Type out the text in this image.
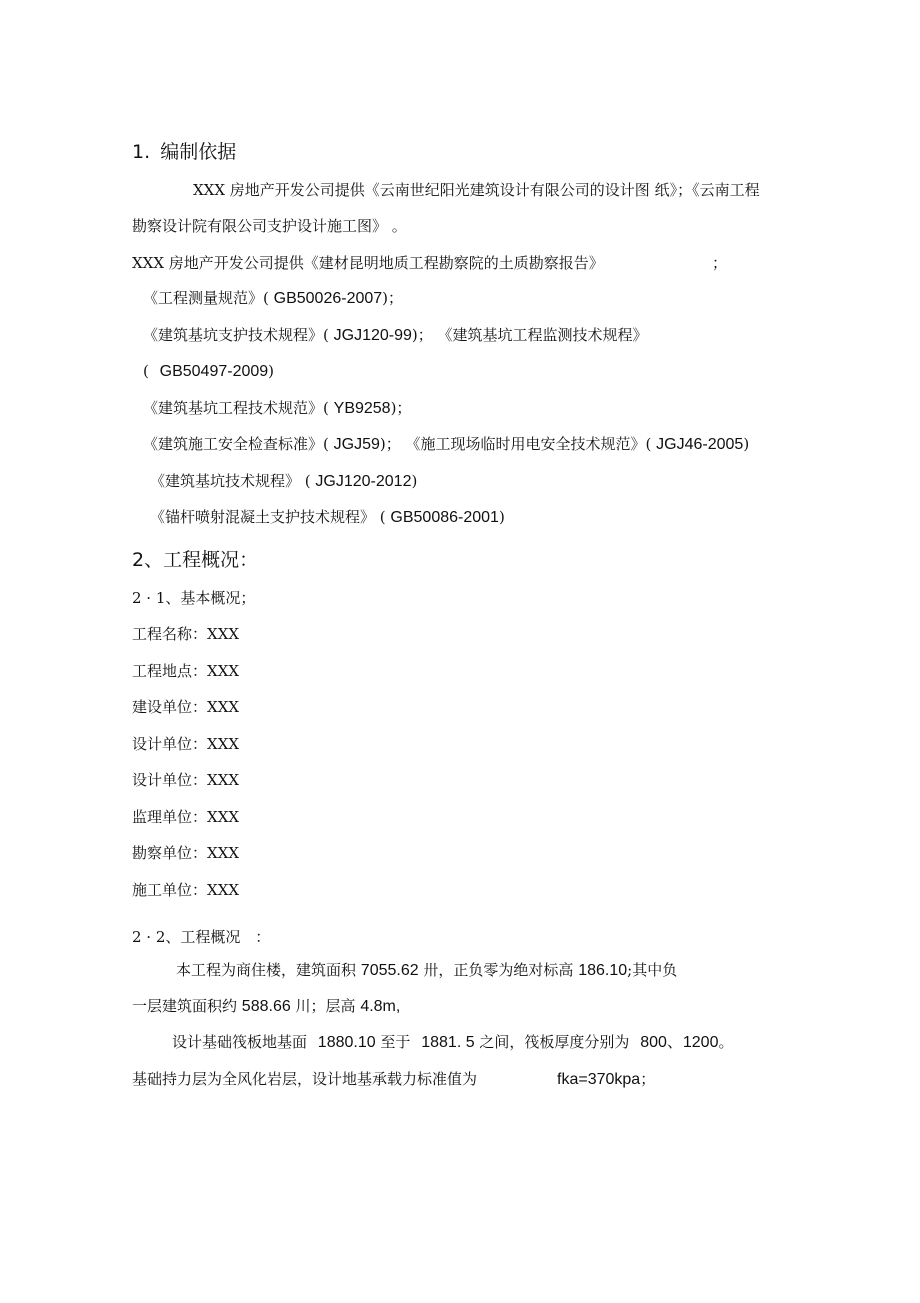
1. 编制依据
XXX 房地产开发公司提供《云南世纪阳光建筑设计有限公司的设计图 纸》；《云南工程
勘察设计院有限公司支护设计施工图》 。
XXX 房地产开发公司提供《建材昆明地质工程勘察院的土质勘察报告》	；
《工程测量规范》( GB50026-2007)；
《建筑基坑支护技术规程》( JGJ120-99)； 《建筑基坑工程监测技术规程》
( GB50497-2009)
《建筑基坑工程技术规范》( YB9258)；
《建筑施工安全检查标准》( JGJ59)； 《施工现场临时用电安全技术规范》( JGJ46-2005)
《建筑基坑技术规程》 ( JGJ120-2012)
《锚杆喷射混凝土支护技术规程》 ( GB50086-2001)
2、工程概况：
2 · 1、基本概况；
工程名称：XXX
工程地点：XXX
建设单位：XXX
设计单位：XXX
设计单位：XXX
监理单位：XXX
勘察单位：XXX
施工单位：XXX
2 · 2、工程概况 ：
本工程为商住楼，建筑面积 7055.62 卅，正负零为绝对标高 186.10;其中负
一层建筑面积约 588.66 川；层高 4.8m,
设计基础筏板地基面 1880.10 至于 1881. 5 之间，筏板厚度分别为 800、1200。
基础持力层为全风化岩层，设计地基承载力标准值为	fka=370kpa；
